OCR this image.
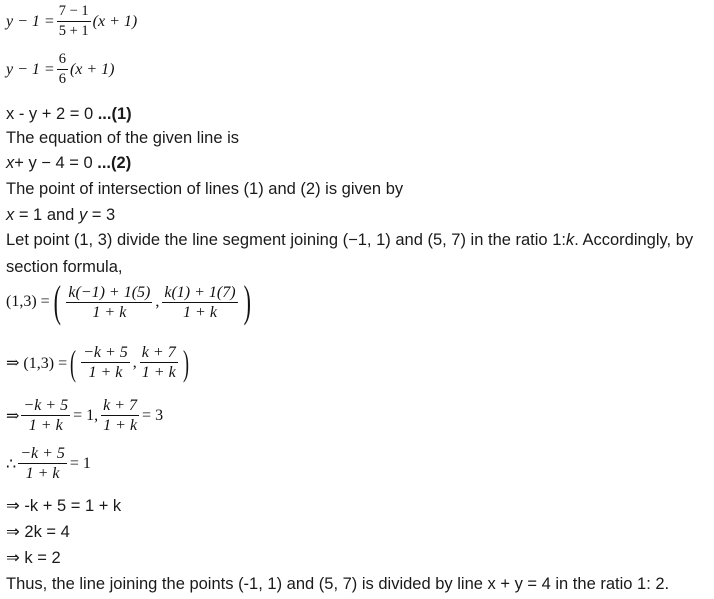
$y - 1 = \frac{7 - 1}{5 + 1} (x + 1)$
$y - 1 = \frac{6}{6} (x + 1)$
x - y + 2 = 0 ...(1)
The equation of the given line is
x+ y − 4 = 0 ...(2)
The point of intersection of lines (1) and (2) is given by
x = 1 and y = 3
Let point (1, 3) divide the line segment joining (−1, 1) and (5, 7) in the ratio 1:k. Accordingly, by section formula,
(1,3) = ( $\frac{k(-1) + 1(5)}{1 + k}$ , $\frac{k(1) + 1(7)}{1 + k}$ )
⇒ (1,3) = ( $\frac{-k + 5}{1 + k}$ , $\frac{k + 7}{1 + k}$ )
⇒ $\frac{-k + 5}{1 + k} = 1$, $\frac{k + 7}{1 + k} = 3$
∴ $\frac{-k + 5}{1 + k} = 1$
⇒ -k + 5 = 1 + k
⇒ 2k = 4
⇒ k = 2
Thus, the line joining the points (-1, 1) and (5, 7) is divided by line x + y = 4 in the ratio 1: 2.
